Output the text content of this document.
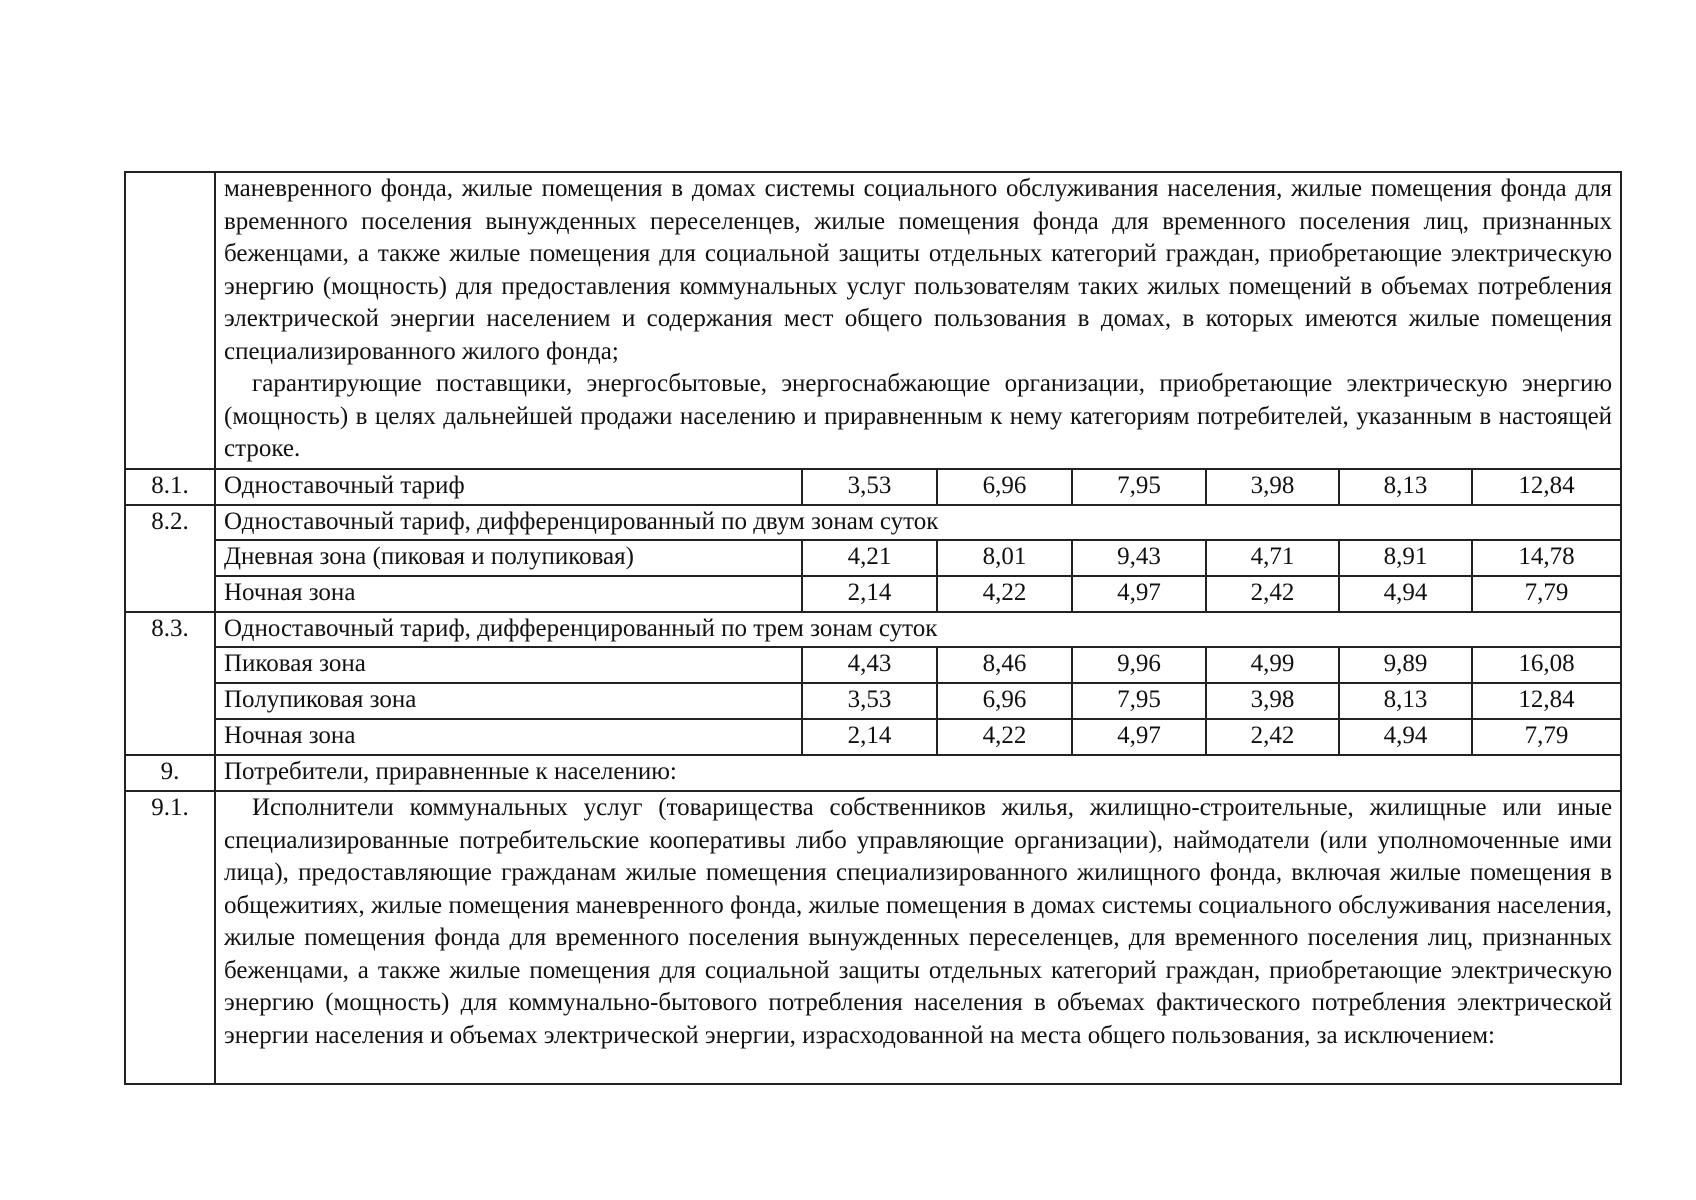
	маневренного фонда, жилые помещения в домах системы социального обслуживания населения, жилые помещения фонда для временного поселения вынужденных переселенцев, жилые помещения фонда для временного поселения лиц, признанных беженцами, а также жилые помещения для социальной защиты отдельных категорий граждан, приобретающие электрическую энергию (мощность) для предоставления коммунальных услуг пользователям таких жилых помещений в объемах потребления электрической энергии населением и содержания мест общего пользования в домах, в которых имеются жилые помещения специализированного жилого фонда;
гарантирующие поставщики, энергосбытовые, энергоснабжающие организации, приобретающие электрическую энергию (мощность) в целях дальнейшей продажи населению и приравненным к нему категориям потребителей, указанным в настоящей строке.						

8.1.	Одноставочный тариф	3,53	6,96	7,95	3,98	8,13	12,84
8.2.	Одноставочный тариф, дифференцированный по двум зонам суток						
	Дневная зона (пиковая и полупиковая)	4,21	8,01	9,43	4,71	8,91	14,78
	Ночная зона	2,14	4,22	4,97	2,42	4,94	7,79
8.3.	Одноставочный тариф, дифференцированный по трем зонам суток						
	Пиковая зона	4,43	8,46	9,96	4,99	9,89	16,08
	Полупиковая зона	3,53	6,96	7,95	3,98	8,13	12,84
	Ночная зона	2,14	4,22	4,97	2,42	4,94	7,79
9.	Потребители, приравненные к населению:						
9.1.	Исполнители коммунальных услуг (товарищества собственников жилья, жилищно-строительные, жилищные или иные специализированные потребительские кооперативы либо управляющие организации), наймодатели (или уполномоченные ими лица), предоставляющие гражданам жилые помещения специализированного жилищного фонда, включая жилые помещения в общежитиях, жилые помещения маневренного фонда, жилые помещения в домах системы социального обслуживания населения, жилые помещения фонда для временного поселения вынужденных переселенцев, для временного поселения лиц, признанных беженцами, а также жилые помещения для социальной защиты отдельных категорий граждан, приобретающие электрическую энергию (мощность) для коммунально-бытового потребления населения в объемах фактического потребления электрической энергии населения и объемах электрической энергии, израсходованной на места общего пользования, за исключением:						
